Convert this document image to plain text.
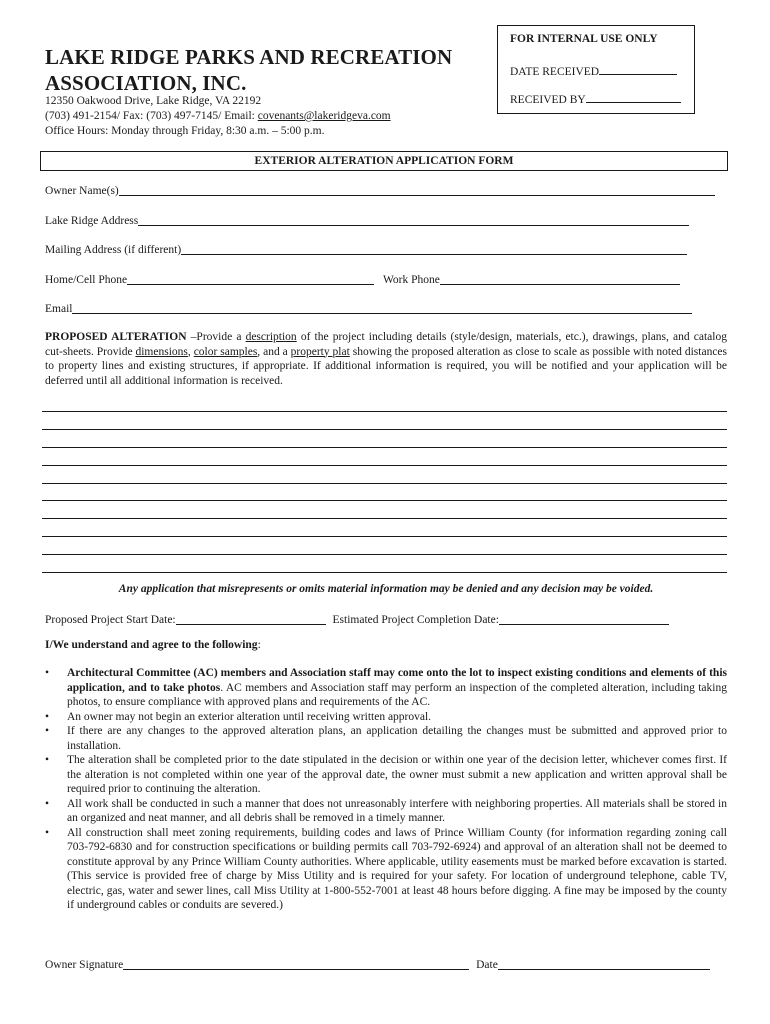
LAKE RIDGE PARKS AND RECREATION
ASSOCIATION, INC.
12350 Oakwood Drive, Lake Ridge, VA 22192
(703) 491-2154/ Fax: (703) 497-7145/ Email: covenants@lakeridgeva.com
Office Hours: Monday through Friday, 8:30 a.m. – 5:00 p.m.
FOR INTERNAL USE ONLY
DATE RECEIVED
RECEIVED BY
EXTERIOR ALTERATION APPLICATION FORM
Owner Name(s)
Lake Ridge Address
Mailing Address (if different)
Home/Cell Phone	Work Phone
Email
PROPOSED ALTERATION –Provide a description of the project including details (style/design, materials, etc.), drawings, plans, and catalog cut-sheets. Provide dimensions, color samples, and a property plat showing the proposed alteration as close to scale as possible with noted distances to property lines and existing structures, if appropriate. If additional information is required, you will be notified and your application will be deferred until all additional information is received.
Any application that misrepresents or omits material information may be denied and any decision may be voided.
Proposed Project Start Date:	Estimated Project Completion Date:
I/We understand and agree to the following:
• Architectural Committee (AC) members and Association staff may come onto the lot to inspect existing conditions and elements of this application, and to take photos. AC members and Association staff may perform an inspection of the completed alteration, including taking photos, to ensure compliance with approved plans and requirements of the AC.
• An owner may not begin an exterior alteration until receiving written approval.
• If there are any changes to the approved alteration plans, an application detailing the changes must be submitted and approved prior to installation.
• The alteration shall be completed prior to the date stipulated in the decision or within one year of the decision letter, whichever comes first. If the alteration is not completed within one year of the approval date, the owner must submit a new application and written approval shall be required prior to continuing the alteration.
• All work shall be conducted in such a manner that does not unreasonably interfere with neighboring properties. All materials shall be stored in an organized and neat manner, and all debris shall be removed in a timely manner.
• All construction shall meet zoning requirements, building codes and laws of Prince William County (for information regarding zoning call 703-792-6830 and for construction specifications or building permits call 703-792-6924) and approval of an alteration shall not be deemed to constitute approval by any Prince William County authorities. Where applicable, utility easements must be marked before excavation is started. (This service is provided free of charge by Miss Utility and is required for your safety. For location of underground telephone, cable TV, electric, gas, water and sewer lines, call Miss Utility at 1-800-552-7001 at least 48 hours before digging. A fine may be imposed by the county if underground cables or conduits are severed.)
Owner Signature	Date
